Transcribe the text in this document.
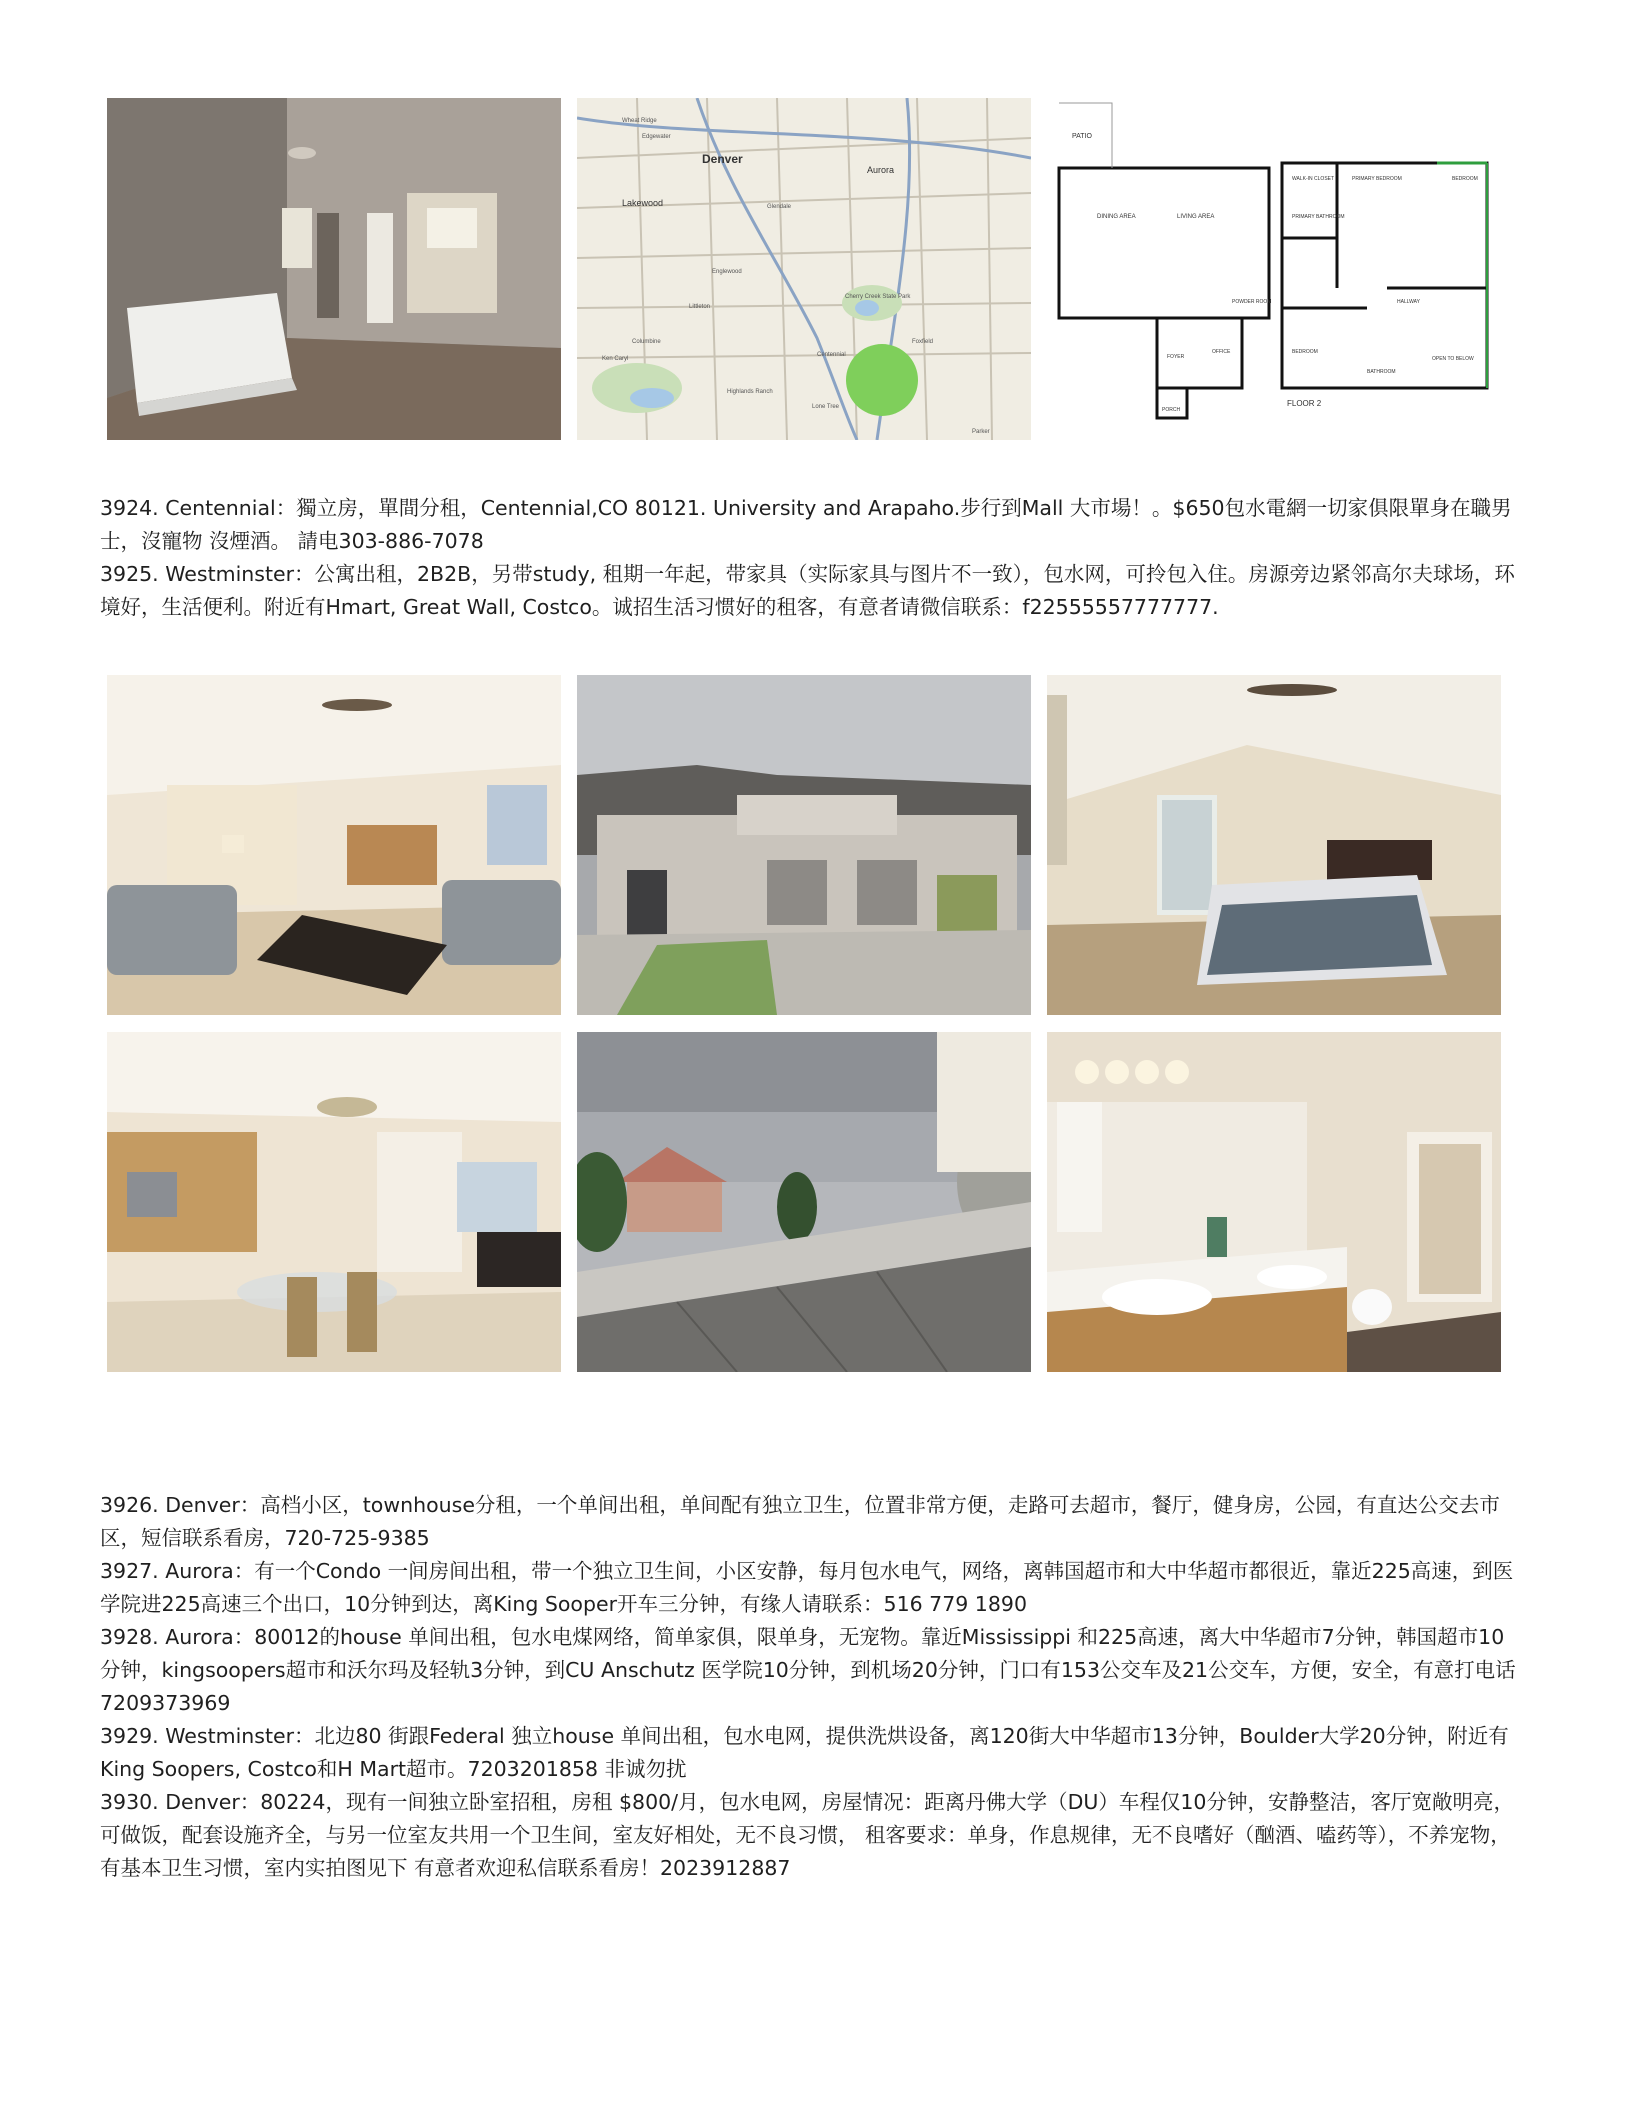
Denver
Aurora
Lakewood
Edgewater
Wheat Ridge
Englewood
Littleton
Cherry Creek State Park
Centennial
Lone Tree
Highlands Ranch
Ken Caryl
Columbine
Glendale
Parker
Foxfield
PATIO
DINING AREA	LIVING AREA
POWDER ROOM
FOYER
OFFICE
PORCH
WALK-IN CLOSET	PRIMARY BEDROOM	BEDROOM
PRIMARY BATHROOM
HALLWAY
BEDROOM
BATHROOM
OPEN TO BELOW
FLOOR 2

3924. Centennial：獨立房，單間分租，Centennial,CO 80121. University and Arapaho.步行到Mall 大市場！。$650包水電網一切家俱限單身在職男士，沒寵物 沒煙酒。 請电303-886-7078

3925. Westminster：公寓出租，2B2B，另带study, 租期一年起，带家具（实际家具与图片不一致），包水网，可拎包入住。房源旁边紧邻高尔夫球场，环境好，生活便利。附近有Hmart, Great Wall, Costco。诚招生活习惯好的租客，有意者请微信联系：f22555557777777.

3926. Denver：高档小区，townhouse分租，一个单间出租，单间配有独立卫生，位置非常方便，走路可去超市，餐厅，健身房，公园，有直达公交去市区，短信联系看房，720-725-9385

3927. Aurora：有一个Condo 一间房间出租，带一个独立卫生间，小区安静，每月包水电气，网络，离韩国超市和大中华超市都很近，靠近225高速，到医学院进225高速三个出口，10分钟到达，离King Sooper开车三分钟，有缘人请联系：516 779 1890

3928. Aurora：80012的house 单间出租，包水电煤网络，简单家俱，限单身，无宠物。靠近Mississippi 和225高速，离大中华超市7分钟，韩国超市10分钟，kingsoopers超市和沃尔玛及轻轨3分钟，到CU Anschutz 医学院10分钟，到机场20分钟，门口有153公交车及21公交车，方便，安全，有意打电话7209373969

3929. Westminster：北边80 街跟Federal 独立house 单间出租，包水电网，提供洗烘设备，离120街大中华超市13分钟，Boulder大学20分钟，附近有King Soopers, Costco和H Mart超市。7203201858 非诚勿扰

3930. Denver：80224，现有一间独立卧室招租，房租 $800/月，包水电网，房屋情况：距离丹佛大学（DU）车程仅10分钟，安静整洁，客厅宽敞明亮，可做饭，配套设施齐全，与另一位室友共用一个卫生间，室友好相处，无不良习惯， 租客要求：单身，作息规律，无不良嗜好（酗酒、嗑药等），不养宠物，有基本卫生习惯，室内实拍图见下 有意者欢迎私信联系看房！2023912887
